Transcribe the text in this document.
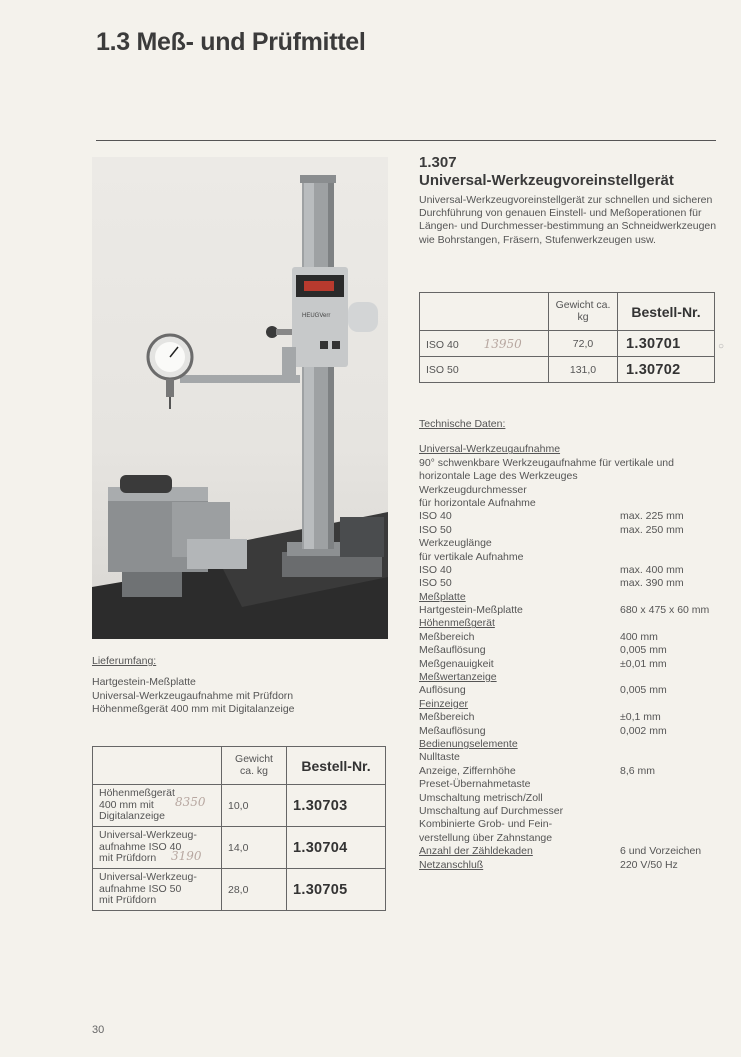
1.3 Meß- und Prüfmittel
HEUGVerr
1.307
Universal-Werkzeugvoreinstellgerät
Universal-Werkzeugvoreinstellgerät zur schnellen und sicheren Durchführung von genauen Einstell- und Meßoperationen für Längen- und Durchmesser-bestimmung an Schneidwerkzeugen wie Bohrstangen, Fräsern, Stufenwerkzeugen usw.
	Gewicht ca. kg	Bestell-Nr.
ISO 40 13950	72,0	1.30701
ISO 50	131,0	1.30702
○
Technische Daten:
Universal-Werkzeugaufnahme
90° schwenkbare Werkzeugaufnahme für vertikale und
horizontale Lage des Werkzeuges
Werkzeugdurchmesser
für horizontale Aufnahme
ISO 40	max. 225 mm
ISO 50	max. 250 mm
Werkzeuglänge
für vertikale Aufnahme
ISO 40	max. 400 mm
ISO 50	max. 390 mm
Meßplatte
Hartgestein-Meßplatte	680 x 475 x 60 mm
Höhenmeßgerät
Meßbereich	400 mm
Meßauflösung	0,005 mm
Meßgenauigkeit	±0,01 mm
Meßwertanzeige
Auflösung	0,005 mm
Feinzeiger
Meßbereich	±0,1 mm
Meßauflösung	0,002 mm
Bedienungselemente
Nulltaste
Anzeige, Ziffernhöhe	8,6 mm
Preset-Übernahmetaste
Umschaltung metrisch/Zoll
Umschaltung auf Durchmesser
Kombinierte Grob- und Fein-
verstellung über Zahnstange
Anzahl der Zähldekaden	6 und Vorzeichen
Netzanschluß	220 V/50 Hz
Lieferumfang:
Hartgestein-Meßplatte
Universal-Werkzeugaufnahme mit Prüfdorn
Höhenmeßgerät 400 mm mit Digitalanzeige
	Gewicht ca. kg	Bestell-Nr.

Höhenmeßgerät
400 mm mit
Digitalanzeige
8350	10,0	1.30703

Universal-Werkzeug-
aufnahme ISO 40
mit Prüfdorn 3190	14,0	1.30704

Universal-Werkzeug-
aufnahme ISO 50
mit Prüfdorn	28,0	1.30705
30
